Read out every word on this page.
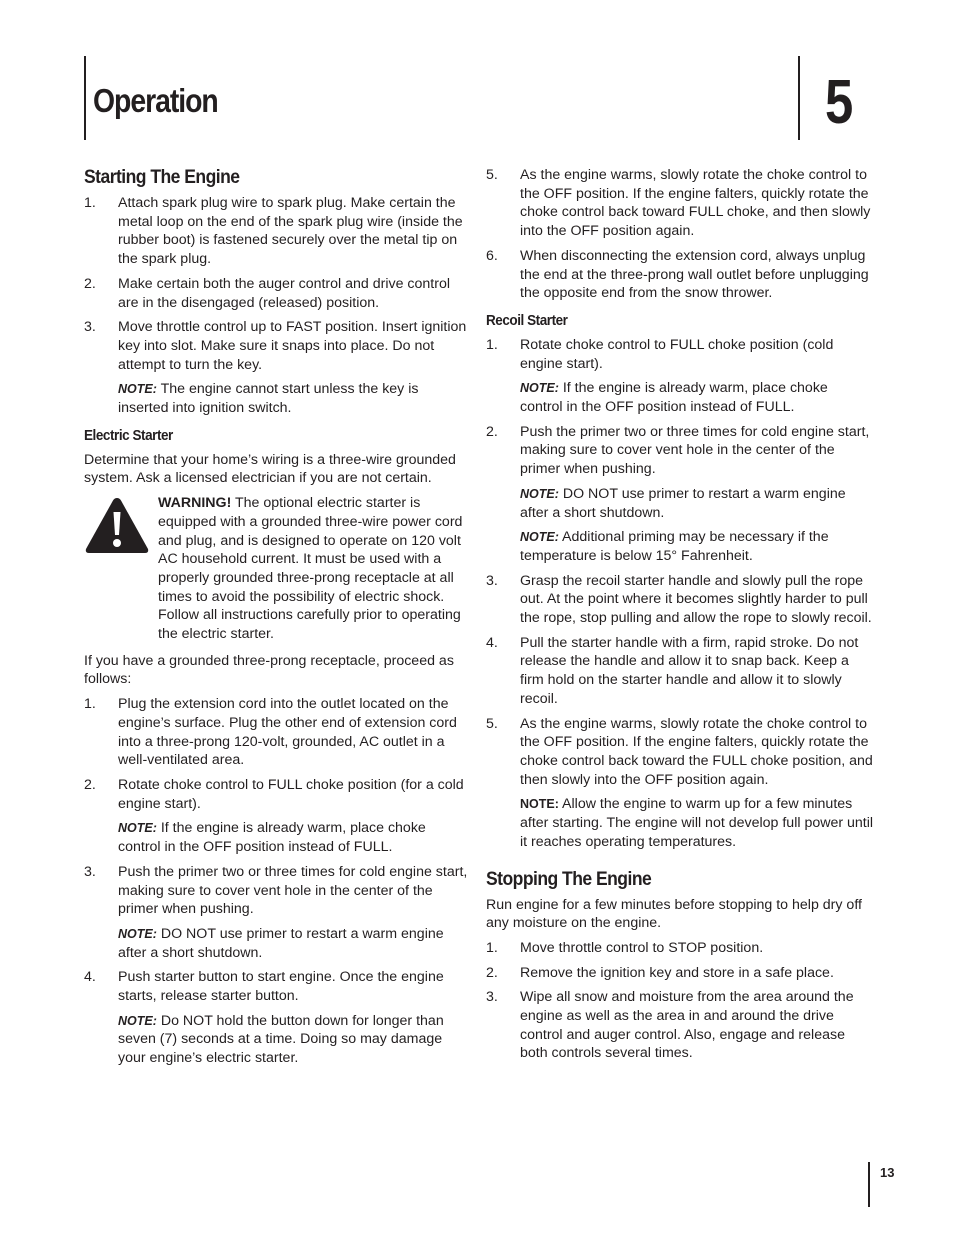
Operation	5
Starting The Engine
1. Attach spark plug wire to spark plug. Make certain the metal loop on the end of the spark plug wire (inside the rubber boot) is fastened securely over the metal tip on the spark plug.
2. Make certain both the auger control and drive control are in the disengaged (released) position.
3. Move throttle control up to FAST position. Insert ignition key into slot. Make sure it snaps into place. Do not attempt to turn the key.

NOTE: The engine cannot start unless the key is inserted into ignition switch.

Electric Starter

Determine that your home’s wiring is a three-wire grounded system. Ask a licensed electrician if you are not certain.

WARNING! The optional electric starter is equipped with a grounded three-wire power cord and plug, and is designed to operate on 120 volt AC household current. It must be used with a properly grounded three-prong receptacle at all times to avoid the possibility of electric shock. Follow all instructions carefully prior to operating the electric starter.

If you have a grounded three-prong receptacle, proceed as follows:

1. Plug the extension cord into the outlet located on the engine’s surface. Plug the other end of extension cord into a three-prong 120-volt, grounded, AC outlet in a well-ventilated area.
2. Rotate choke control to FULL choke position (for a cold engine start).

NOTE: If the engine is already warm, place choke control in the OFF position instead of FULL.

3. Push the primer two or three times for cold engine start, making sure to cover vent hole in the center of the primer when pushing.

NOTE: DO NOT use primer to restart a warm engine after a short shutdown.

4. Push starter button to start engine. Once the engine starts, release starter button.

NOTE: Do NOT hold the button down for longer than seven (7) seconds at a time. Doing so may damage your engine’s electric starter.

5. As the engine warms, slowly rotate the choke control to the OFF position. If the engine falters, quickly rotate the choke control back toward FULL choke, and then slowly into the OFF position again.
6. When disconnecting the extension cord, always unplug the end at the three-prong wall outlet before unplugging the opposite end from the snow thrower.
Recoil Starter
1. Rotate choke control to FULL choke position (cold engine start).

NOTE: If the engine is already warm, place choke control in the OFF position instead of FULL.

2. Push the primer two or three times for cold engine start, making sure to cover vent hole in the center of the primer when pushing.

NOTE: DO NOT use primer to restart a warm engine after a short shutdown.

NOTE: Additional priming may be necessary if the temperature is below 15° Fahrenheit.

3. Grasp the recoil starter handle and slowly pull the rope out. At the point where it becomes slightly harder to pull the rope, stop pulling and allow the rope to slowly recoil.
4. Pull the starter handle with a firm, rapid stroke. Do not release the handle and allow it to snap back. Keep a firm hold on the starter handle and allow it to slowly recoil.
5. As the engine warms, slowly rotate the choke control to the OFF position. If the engine falters, quickly rotate the choke control back toward the FULL choke position, and then slowly into the OFF position again.

NOTE: Allow the engine to warm up for a few minutes after starting. The engine will not develop full power until it reaches operating temperatures.

Stopping The Engine

Run engine for a few minutes before stopping to help dry off any moisture on the engine.

1. Move throttle control to STOP position.
2. Remove the ignition key and store in a safe place.
3. Wipe all snow and moisture from the area around the engine as well as the area in and around the drive control and auger control. Also, engage and release both controls several times.
13
